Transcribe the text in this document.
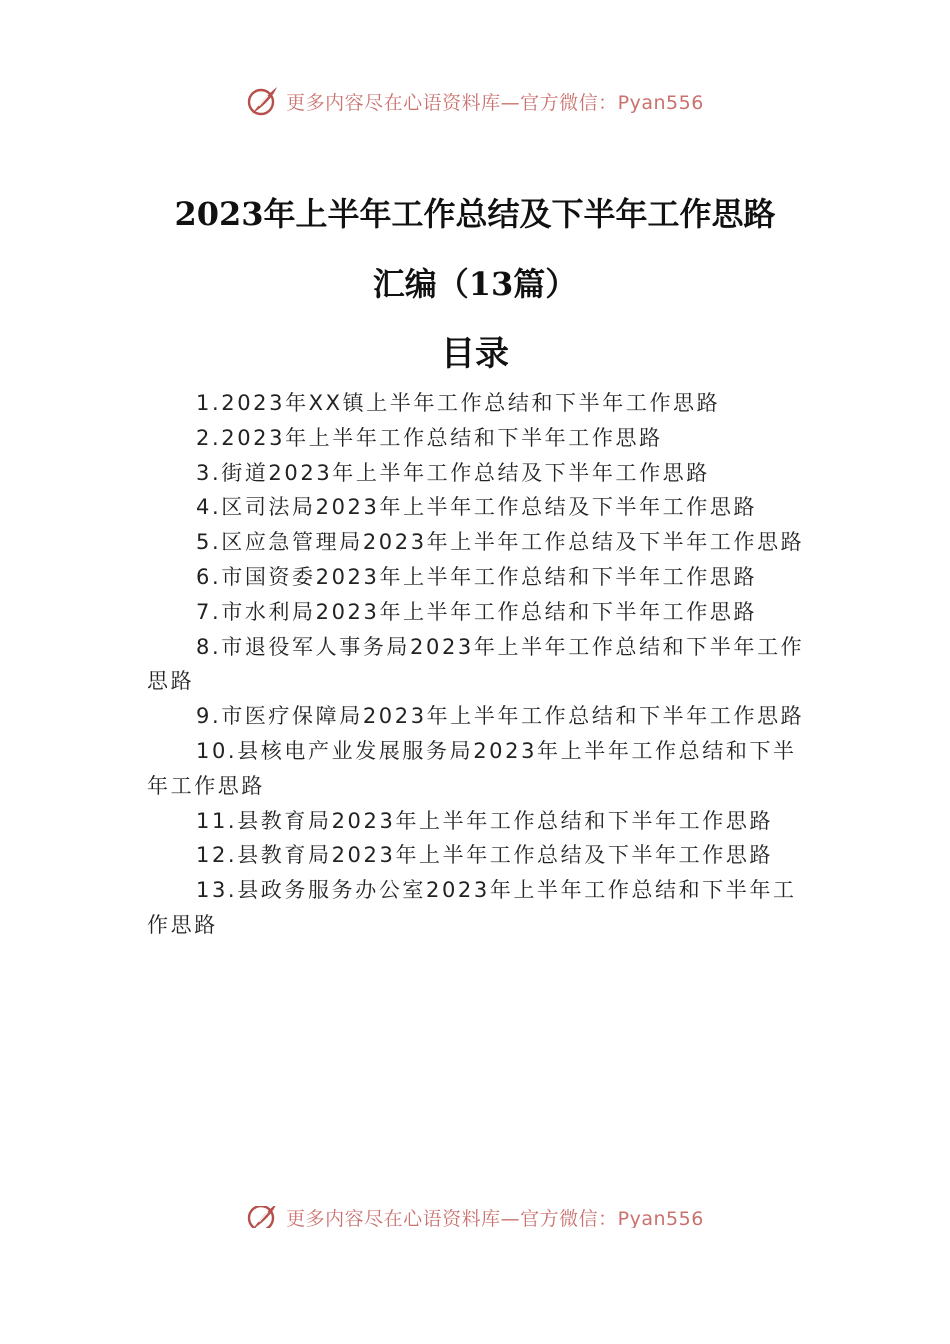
更多内容尽在心语资料库—官方微信：Pyan556
2023年上半年工作总结及下半年工作思路
汇编（13篇）
目录
1.2023年XX镇上半年工作总结和下半年工作思路
2.2023年上半年工作总结和下半年工作思路
3.街道2023年上半年工作总结及下半年工作思路
4.区司法局2023年上半年工作总结及下半年工作思路
5.区应急管理局2023年上半年工作总结及下半年工作思路
6.市国资委2023年上半年工作总结和下半年工作思路
7.市水利局2023年上半年工作总结和下半年工作思路
8.市退役军人事务局2023年上半年工作总结和下半年工作思路
9.市医疗保障局2023年上半年工作总结和下半年工作思路
10.县核电产业发展服务局2023年上半年工作总结和下半年工作思路
11.县教育局2023年上半年工作总结和下半年工作思路
12.县教育局2023年上半年工作总结及下半年工作思路
13.县政务服务办公室2023年上半年工作总结和下半年工作思路
更多内容尽在心语资料库—官方微信：Pyan556
